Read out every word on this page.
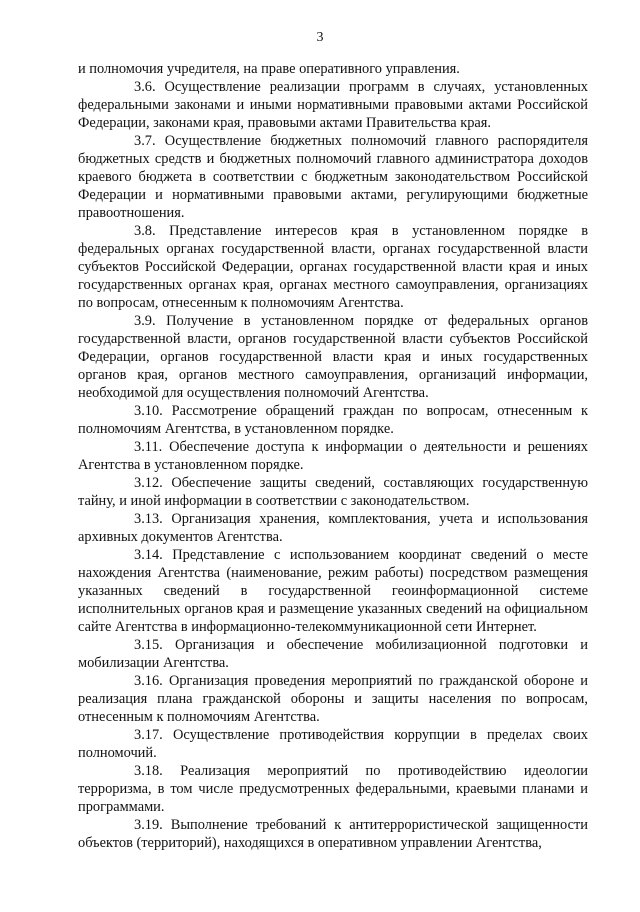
3

и полномочия учредителя, на праве оперативного управления.

3.6. Осуществление реализации программ в случаях, установленных федеральными законами и иными нормативными правовыми актами Российской Федерации, законами края, правовыми актами Правительства края.

3.7. Осуществление бюджетных полномочий главного распорядителя бюджетных средств и бюджетных полномочий главного администратора доходов краевого бюджета в соответствии с бюджетным законодательством Российской Федерации и нормативными правовыми актами, регулирующими бюджетные правоотношения.

3.8. Представление интересов края в установленном порядке в федеральных органах государственной власти, органах государственной власти субъектов Российской Федерации, органах государственной власти края и иных государственных органах края, органах местного самоуправления, организациях по вопросам, отнесенным к полномочиям Агентства.

3.9. Получение в установленном порядке от федеральных органов государственной власти, органов государственной власти субъектов Российской Федерации, органов государственной власти края и иных государственных органов края, органов местного самоуправления, организаций информации, необходимой для осуществления полномочий Агентства.

3.10. Рассмотрение обращений граждан по вопросам, отнесенным к полномочиям Агентства, в установленном порядке.

3.11. Обеспечение доступа к информации о деятельности и решениях Агентства в установленном порядке.

3.12. Обеспечение защиты сведений, составляющих государственную тайну, и иной информации в соответствии с законодательством.

3.13. Организация хранения, комплектования, учета и использования архивных документов Агентства.

3.14. Представление с использованием координат сведений о месте нахождения Агентства (наименование, режим работы) посредством размещения указанных сведений в государственной геоинформационной системе исполнительных органов края и размещение указанных сведений на официальном сайте Агентства в информационно-телекоммуникационной сети Интернет.

3.15. Организация и обеспечение мобилизационной подготовки и мобилизации Агентства.

3.16. Организация проведения мероприятий по гражданской обороне и реализация плана гражданской обороны и защиты населения по вопросам, отнесенным к полномочиям Агентства.

3.17. Осуществление противодействия коррупции в пределах своих полномочий.

3.18. Реализация мероприятий по противодействию идеологии терроризма, в том числе предусмотренных федеральными, краевыми планами и программами.

3.19. Выполнение требований к антитеррористической защищенности объектов (территорий), находящихся в оперативном управлении Агентства,
